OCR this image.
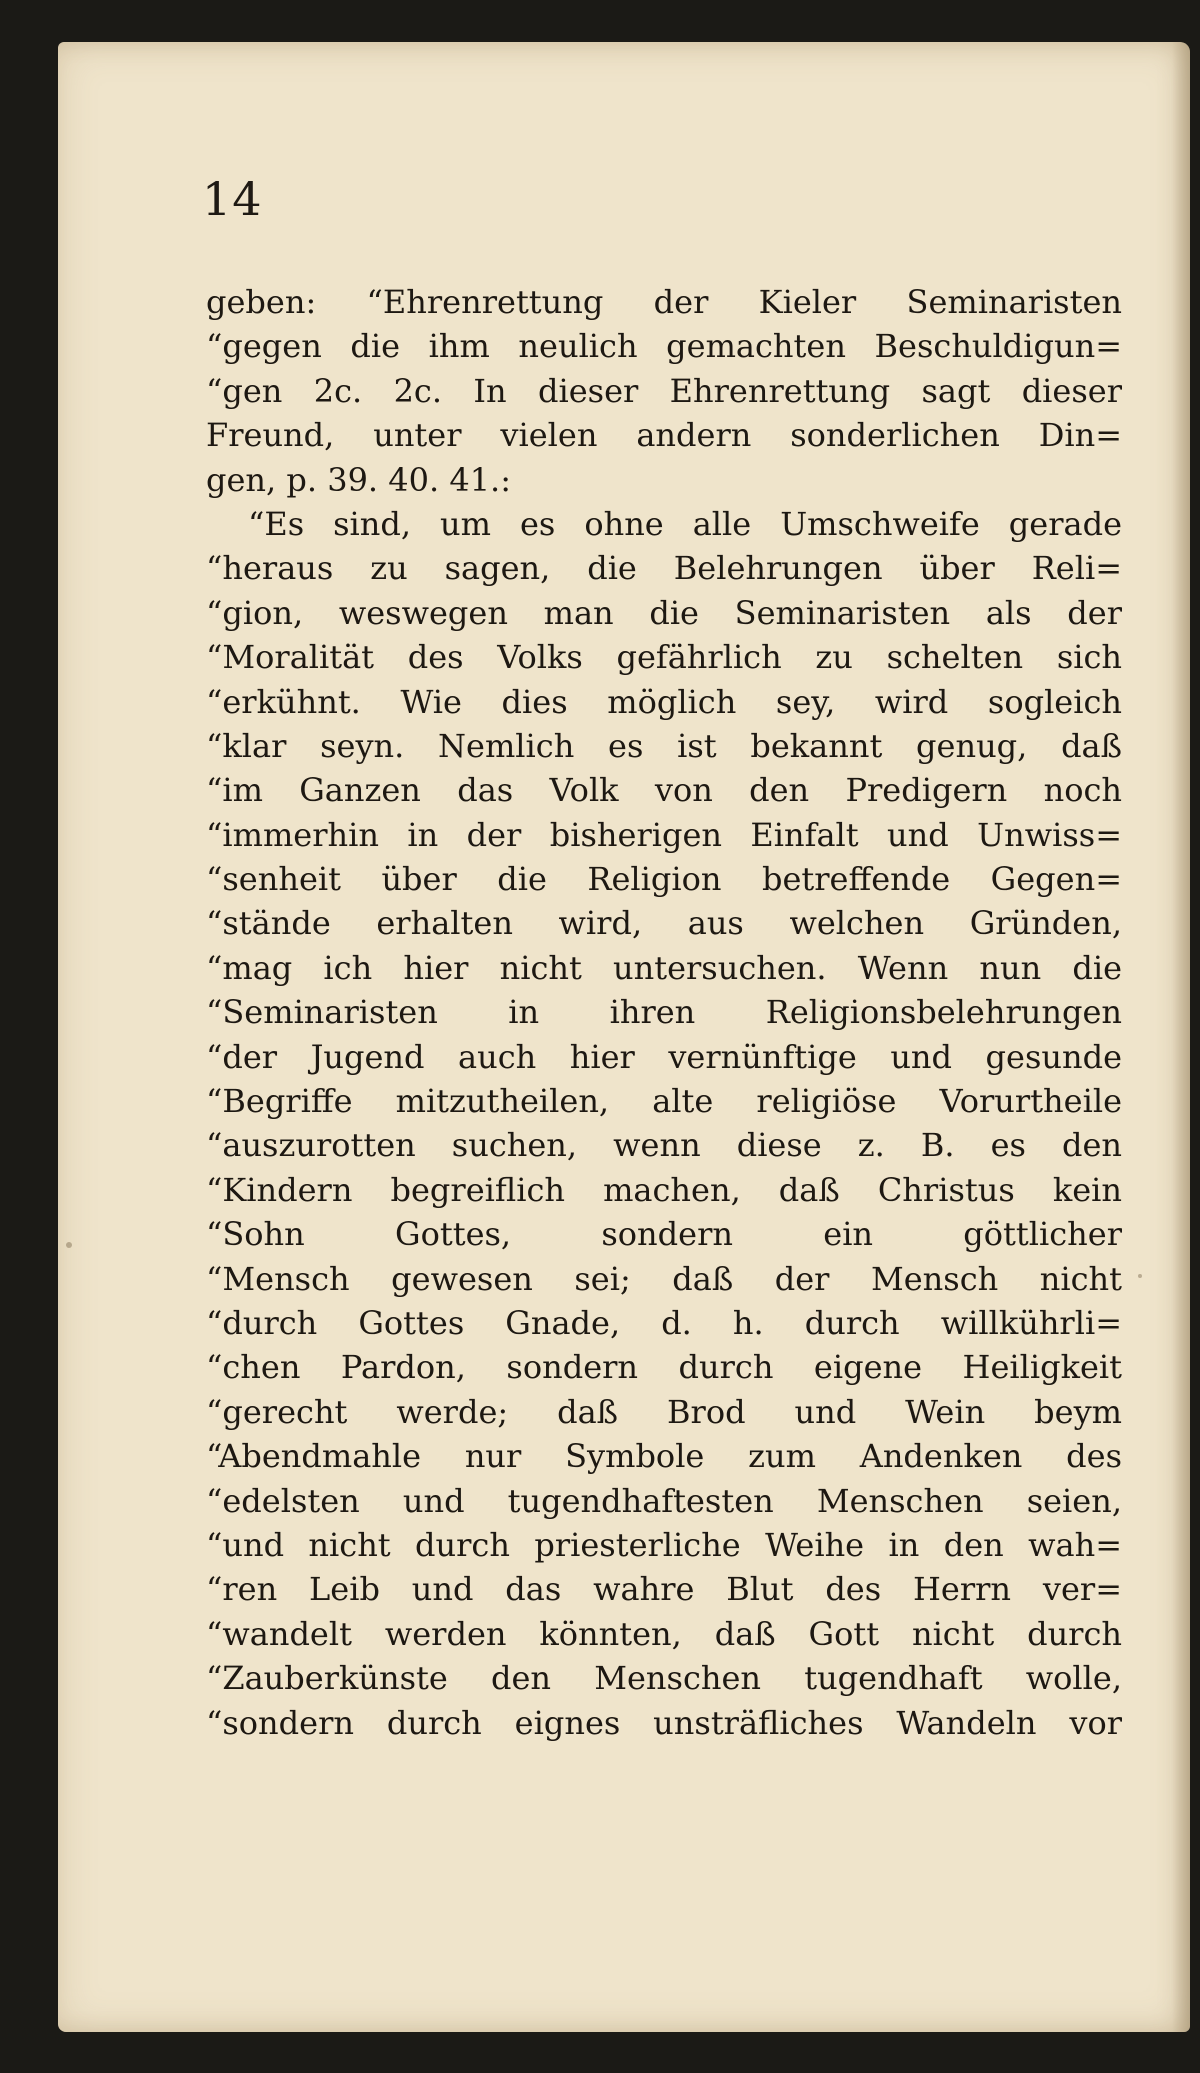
14
geben: “Ehrenrettung der Kieler Seminaristen
“gegen die ihm neulich gemachten Beschuldigun=
“gen 2c. 2c. In dieser Ehrenrettung sagt dieser
Freund, unter vielen andern sonderlichen Din=
gen, p. 39. 40. 41.:
“Es sind, um es ohne alle Umschweife gerade
“heraus zu sagen, die Belehrungen über Reli=
“gion, weswegen man die Seminaristen als der
“Moralität des Volks gefährlich zu schelten sich
“erkühnt. Wie dies möglich sey, wird sogleich
“klar seyn. Nemlich es ist bekannt genug, daß
“im Ganzen das Volk von den Predigern noch
“immerhin in der bisherigen Einfalt und Unwiss=
“senheit über die Religion betreffende Gegen=
“stände erhalten wird, aus welchen Gründen,
“mag ich hier nicht untersuchen. Wenn nun die
“Seminaristen in ihren Religionsbelehrungen
“der Jugend auch hier vernünftige und gesunde
“Begriffe mitzutheilen, alte religiöse Vorurtheile
“auszurotten suchen, wenn diese z. B. es den
“Kindern begreiflich machen, daß Christus kein
“Sohn Gottes, sondern ein göttlicher
“Mensch gewesen sei; daß der Mensch nicht
“durch Gottes Gnade, d. h. durch willkührli=
“chen Pardon, sondern durch eigene Heiligkeit
“gerecht werde; daß Brod und Wein beym
“Abendmahle nur Symbole zum Andenken des
“edelsten und tugendhaftesten Menschen seien,
“und nicht durch priesterliche Weihe in den wah=
“ren Leib und das wahre Blut des Herrn ver=
“wandelt werden könnten, daß Gott nicht durch
“Zauberkünste den Menschen tugendhaft wolle,
“sondern durch eignes unsträfliches Wandeln vor
